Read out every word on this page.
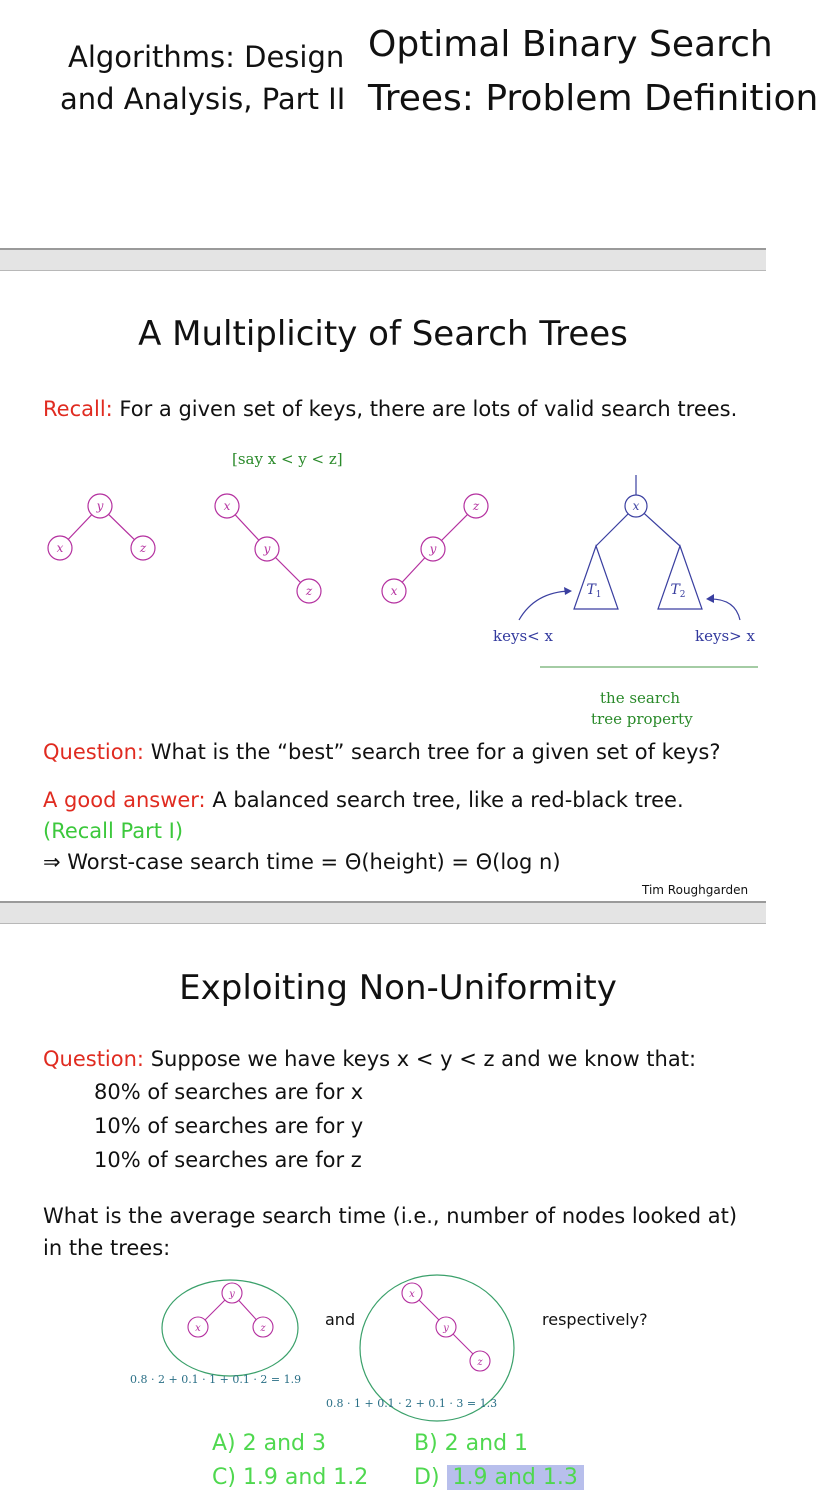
Algorithms: Design
and Analysis, Part II
Optimal Binary Search
Trees: Problem Definition
A Multiplicity of Search Trees
Recall: For a given set of keys, there are lots of valid search trees.
[say x < y < z]
y
x	z
x
y
z
z
y
x
x
$T_1$	$T_2$
keys< x	keys> x
the search
tree property
Question: What is the “best” search tree for a given set of keys?
A good answer: A balanced search tree, like a red-black tree.
(Recall Part I)
⇒ Worst-case search time = Θ(height) = Θ(log n)
Tim Roughgarden
Exploiting Non-Uniformity
Question: Suppose we have keys x < y < z and we know that:
80% of searches are for x
10% of searches are for y
10% of searches are for z
What is the average search time (i.e., number of nodes looked at)
in the trees:
y
x	z
x
y
z
and	respectively?
0.8 · 2 + 0.1 · 1 + 0.1 · 2 = 1.9
0.8 · 1 + 0.1 · 2 + 0.1 · 3 = 1.3
A) 2 and 3	B) 2 and 1
C) 1.9 and 1.2 D) 1.9 and 1.3
